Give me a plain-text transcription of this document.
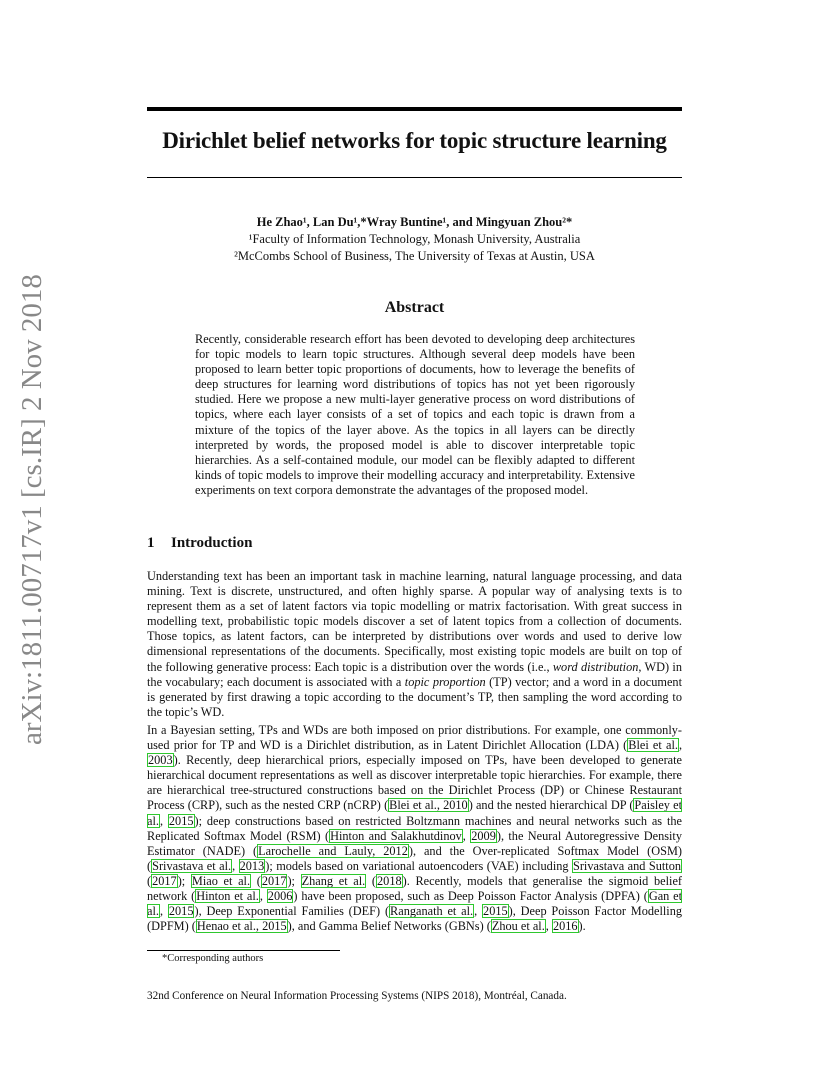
Dirichlet belief networks for topic structure learning
He Zhao¹, Lan Du¹,*Wray Buntine¹, and Mingyuan Zhou²*
¹Faculty of Information Technology, Monash University, Australia
²McCombs School of Business, The University of Texas at Austin, USA
arXiv:1811.00717v1 [cs.IR] 2 Nov 2018	Abstract
Recently, considerable research effort has been devoted to developing deep architectures for topic models to learn topic structures. Although several deep models have been proposed to learn better topic proportions of documents, how to leverage the benefits of deep structures for learning word distributions of topics has not yet been rigorously studied. Here we propose a new multi-layer generative process on word distributions of topics, where each layer consists of a set of topics and each topic is drawn from a mixture of the topics of the layer above. As the topics in all layers can be directly interpreted by words, the proposed model is able to discover interpretable topic hierarchies. As a self-contained module, our model can be flexibly adapted to different kinds of topic models to improve their modelling accuracy and interpretability. Extensive experiments on text corpora demonstrate the advantages of the proposed model.
1 Introduction
Understanding text has been an important task in machine learning, natural language processing, and data mining. Text is discrete, unstructured, and often highly sparse. A popular way of analysing texts is to represent them as a set of latent factors via topic modelling or matrix factorisation. With great success in modelling text, probabilistic topic models discover a set of latent topics from a collection of documents. Those topics, as latent factors, can be interpreted by distributions over words and used to derive low dimensional representations of the documents. Specifically, most existing topic models are built on top of the following generative process: Each topic is a distribution over the words (i.e., word distribution, WD) in the vocabulary; each document is associated with a topic proportion (TP) vector; and a word in a document is generated by first drawing a topic according to the document’s TP, then sampling the word according to the topic’s WD.
In a Bayesian setting, TPs and WDs are both imposed on prior distributions. For example, one commonly-used prior for TP and WD is a Dirichlet distribution, as in Latent Dirichlet Allocation (LDA) (Blei et al., 2003). Recently, deep hierarchical priors, especially imposed on TPs, have been developed to generate hierarchical document representations as well as discover interpretable topic hierarchies. For example, there are hierarchical tree-structured constructions based on the Dirichlet Process (DP) or Chinese Restaurant Process (CRP), such as the nested CRP (nCRP) (Blei et al., 2010) and the nested hierarchical DP (Paisley et al., 2015); deep constructions based on restricted Boltzmann machines and neural networks such as the Replicated Softmax Model (RSM) (Hinton and Salakhutdinov, 2009), the Neural Autoregressive Density Estimator (NADE) (Larochelle and Lauly, 2012), and the Over-replicated Softmax Model (OSM) (Srivastava et al., 2013); models based on variational autoencoders (VAE) including Srivastava and Sutton (2017); Miao et al. (2017); Zhang et al. (2018). Recently, models that generalise the sigmoid belief network (Hinton et al., 2006) have been proposed, such as Deep Poisson Factor Analysis (DPFA) (Gan et al., 2015), Deep Exponential Families (DEF) (Ranganath et al., 2015), Deep Poisson Factor Modelling (DPFM) (Henao et al., 2015), and Gamma Belief Networks (GBNs) (Zhou et al., 2016).
*Corresponding authors
32nd Conference on Neural Information Processing Systems (NIPS 2018), Montréal, Canada.
